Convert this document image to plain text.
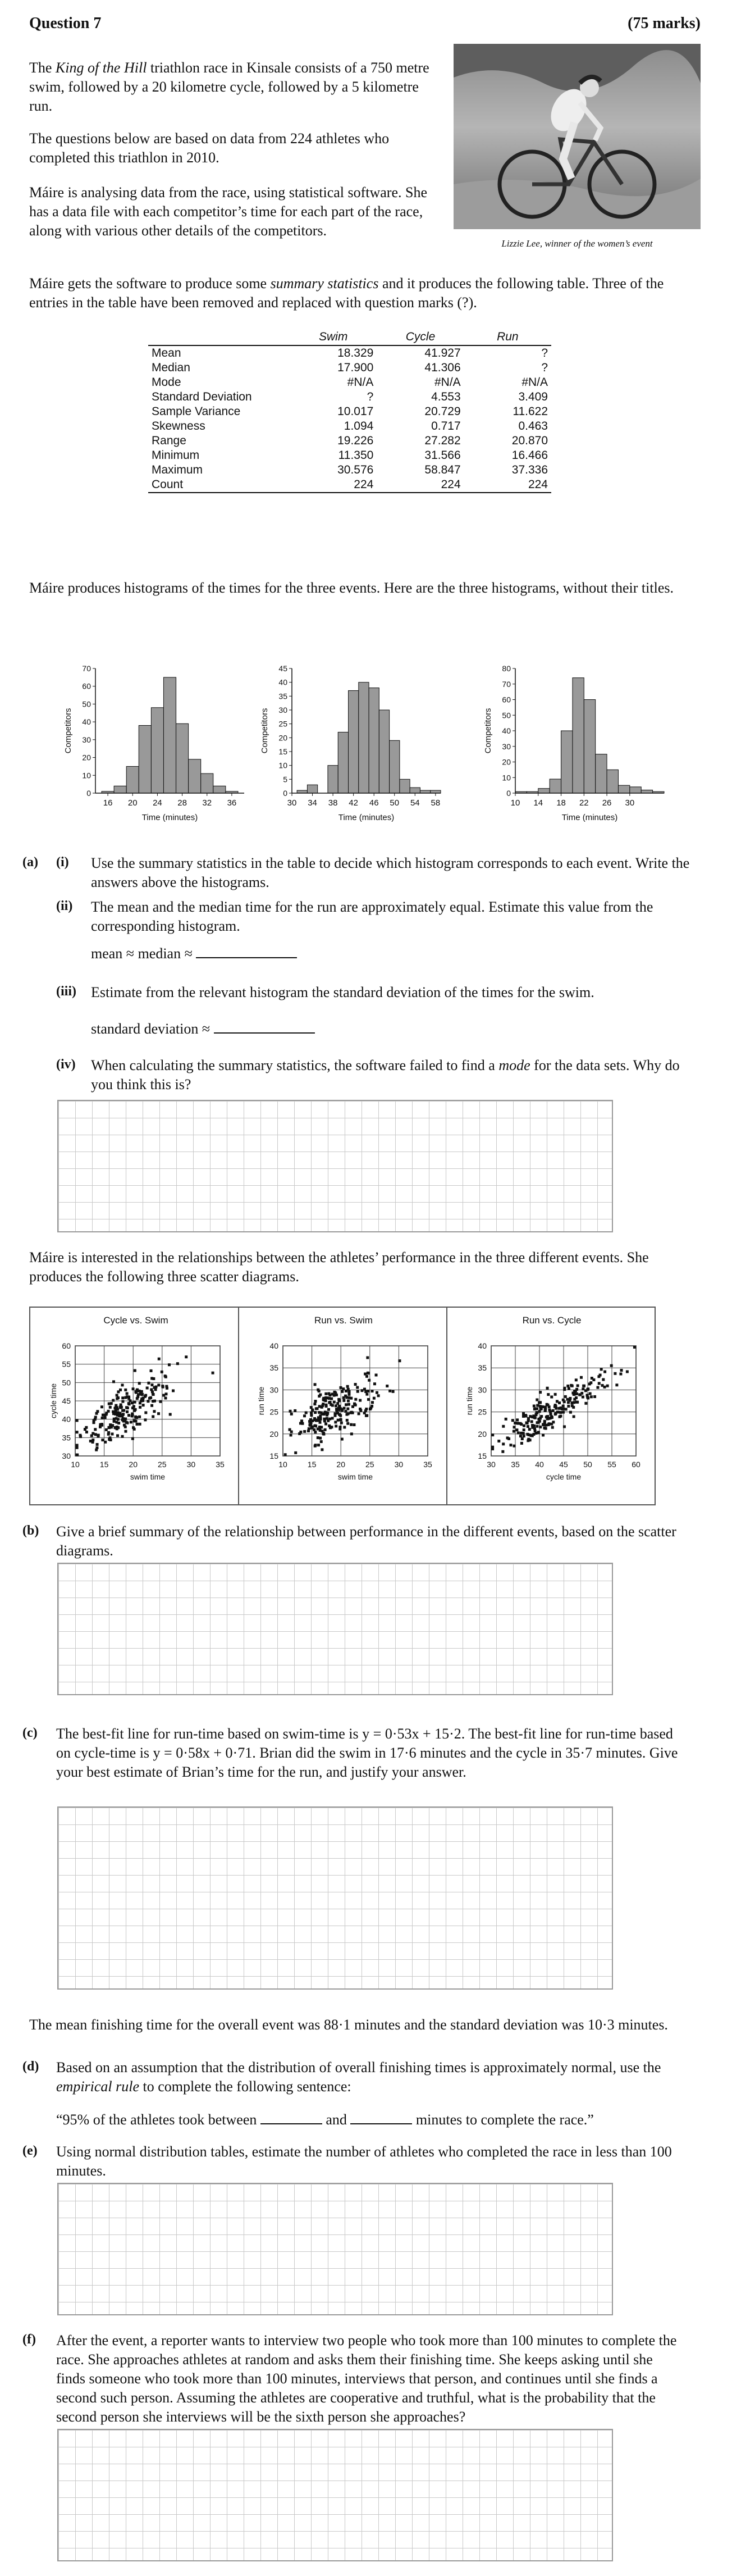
Question 7	(75 marks)
The King of the Hill triathlon race in Kinsale consists of a 750 metre swim, followed by a 20 kilometre cycle, followed by a 5 kilometre run.
The questions below are based on data from 224 athletes who completed this triathlon in 2010.
Máire is analysing data from the race, using statistical software. She has a data file with each competitor’s time for each part of the race, along with various other details of the competitors.
Lizzie Lee, winner of the women’s event
Máire gets the software to produce some summary statistics and it produces the following table. Three of the entries in the table have been removed and replaced with question marks (?).
	Swim	Cycle	Run
Mean	18.329	41.927	?
Median	17.900	41.306	?
Mode	#N/A	#N/A	#N/A
Standard Deviation	?	4.553	3.409
Sample Variance	10.017	20.729	11.622
Skewness	1.094	0.717	0.463
Range	19.226	27.282	20.870
Minimum	11.350	31.566	16.466
Maximum	30.576	58.847	37.336
Count	224	224	224
Máire produces histograms of the times for the three events. Here are the three histograms, without their titles.
0
10
20
30
40
50
60
70
16 20 24 28 32 36
Time (minutes)
Competitors
0
5
10
15
20
25
30
35
40
45
30 34 38 42 46 50 54 58
Time (minutes)
Competitors
0
10
20
30
40
50
60
70
80
10 14 18 22 26 30
Time (minutes)
Competitors
(a) (i) Use the summary statistics in the table to decide which histogram corresponds to each event. Write the answers above the histograms.
(ii) The mean and the median time for the run are approximately equal. Estimate this value from the corresponding histogram.
mean ≈ median ≈
(iii) Estimate from the relevant histogram the standard deviation of the times for the swim.
standard deviation ≈
(iv) When calculating the summary statistics, the software failed to find a mode for the data sets. Why do you think this is?
Máire is interested in the relationships between the athletes’ performance in the three different events. She produces the following three scatter diagrams.
Cycle vs. Swim
10	15	20	25	30	35
30
35
40
45
50
55
60
swim time
cycle time
Run vs. Swim
10	15	20	25	30	35
15
20
25
30
35
40
swim time
run time
Run vs. Cycle
30 35 40 45 50 55 60
15
20
25
30
35
40
cycle time
run time
(b) Give a brief summary of the relationship between performance in the different events, based on the scatter diagrams.
(c) The best-fit line for run-time based on swim-time is y = 0·53x + 15·2. The best-fit line for run-time based on cycle-time is y = 0·58x + 0·71. Brian did the swim in 17·6 minutes and the cycle in 35·7 minutes. Give your best estimate of Brian’s time for the run, and justify your answer.
The mean finishing time for the overall event was 88·1 minutes and the standard deviation was 10·3 minutes.
(d) Based on an assumption that the distribution of overall finishing times is approximately normal, use the empirical rule to complete the following sentence:
“95% of the athletes took between	and	minutes to complete the race.”
(e) Using normal distribution tables, estimate the number of athletes who completed the race in less than 100 minutes.
(f) After the event, a reporter wants to interview two people who took more than 100 minutes to complete the race. She approaches athletes at random and asks them their finishing time. She keeps asking until she finds someone who took more than 100 minutes, interviews that person, and continues until she finds a second such person. Assuming the athletes are cooperative and truthful, what is the probability that the second person she interviews will be the sixth person she approaches?
